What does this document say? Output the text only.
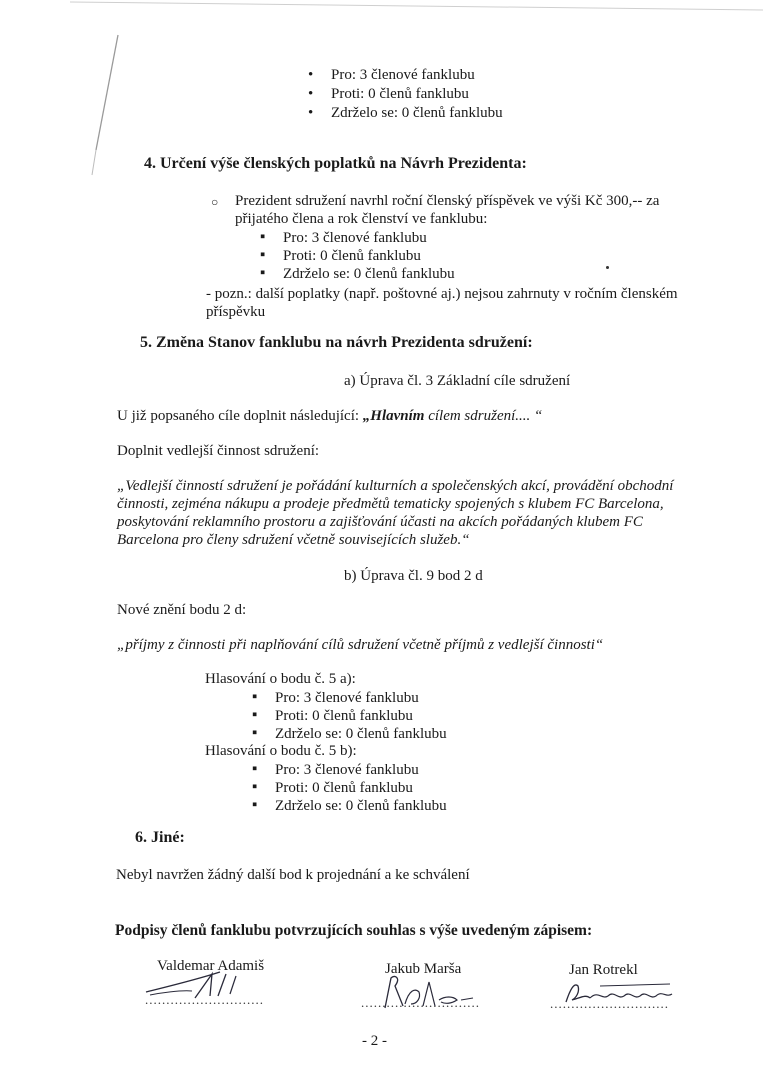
• Pro: 3 členové fanklubu
• Proti: 0 členů fanklubu
• Zdrželo se: 0 členů fanklubu
4. Určení výše členských poplatků na Návrh Prezidenta:
○ Prezident sdružení navrhl roční členský příspěvek ve výši Kč 300,-- za
přijatého člena a rok členství ve fanklubu:
▪ Pro: 3 členové fanklubu
▪ Proti: 0 členů fanklubu
▪ Zdrželo se: 0 členů fanklubu
- pozn.: další poplatky (např. poštovné aj.) nejsou zahrnuty v ročním členském
příspěvku
5. Změna Stanov fanklubu na návrh Prezidenta sdružení:
a) Úprava čl. 3 Základní cíle sdružení
U již popsaného cíle doplnit následující: „Hlavním cílem sdružení.... “
Doplnit vedlejší činnost sdružení:
„Vedlejší činností sdružení je pořádání kulturních a společenských akcí, provádění obchodní
činnosti, zejména nákupu a prodeje předmětů tematicky spojených s klubem FC Barcelona,
poskytování reklamního prostoru a zajišťování účasti na akcích pořádaných klubem FC
Barcelona pro členy sdružení včetně souvisejících služeb.“
b) Úprava čl. 9 bod 2 d
Nové znění bodu 2 d:
„příjmy z činnosti při naplňování cílů sdružení včetně příjmů z vedlejší činnosti“
Hlasování o bodu č. 5 a):
▪ Pro: 3 členové fanklubu
▪ Proti: 0 členů fanklubu
▪ Zdrželo se: 0 členů fanklubu
Hlasování o bodu č. 5 b):
▪ Pro: 3 členové fanklubu
▪ Proti: 0 členů fanklubu
▪ Zdrželo se: 0 členů fanklubu
6. Jiné:
Nebyl navržen žádný další bod k projednání a ke schválení
Podpisy členů fanklubu potvrzujících souhlas s výše uvedeným zápisem:
Valdemar Adamiš	Jakub Marša	Jan Rotrekl
............................	............................	............................
- 2 -
